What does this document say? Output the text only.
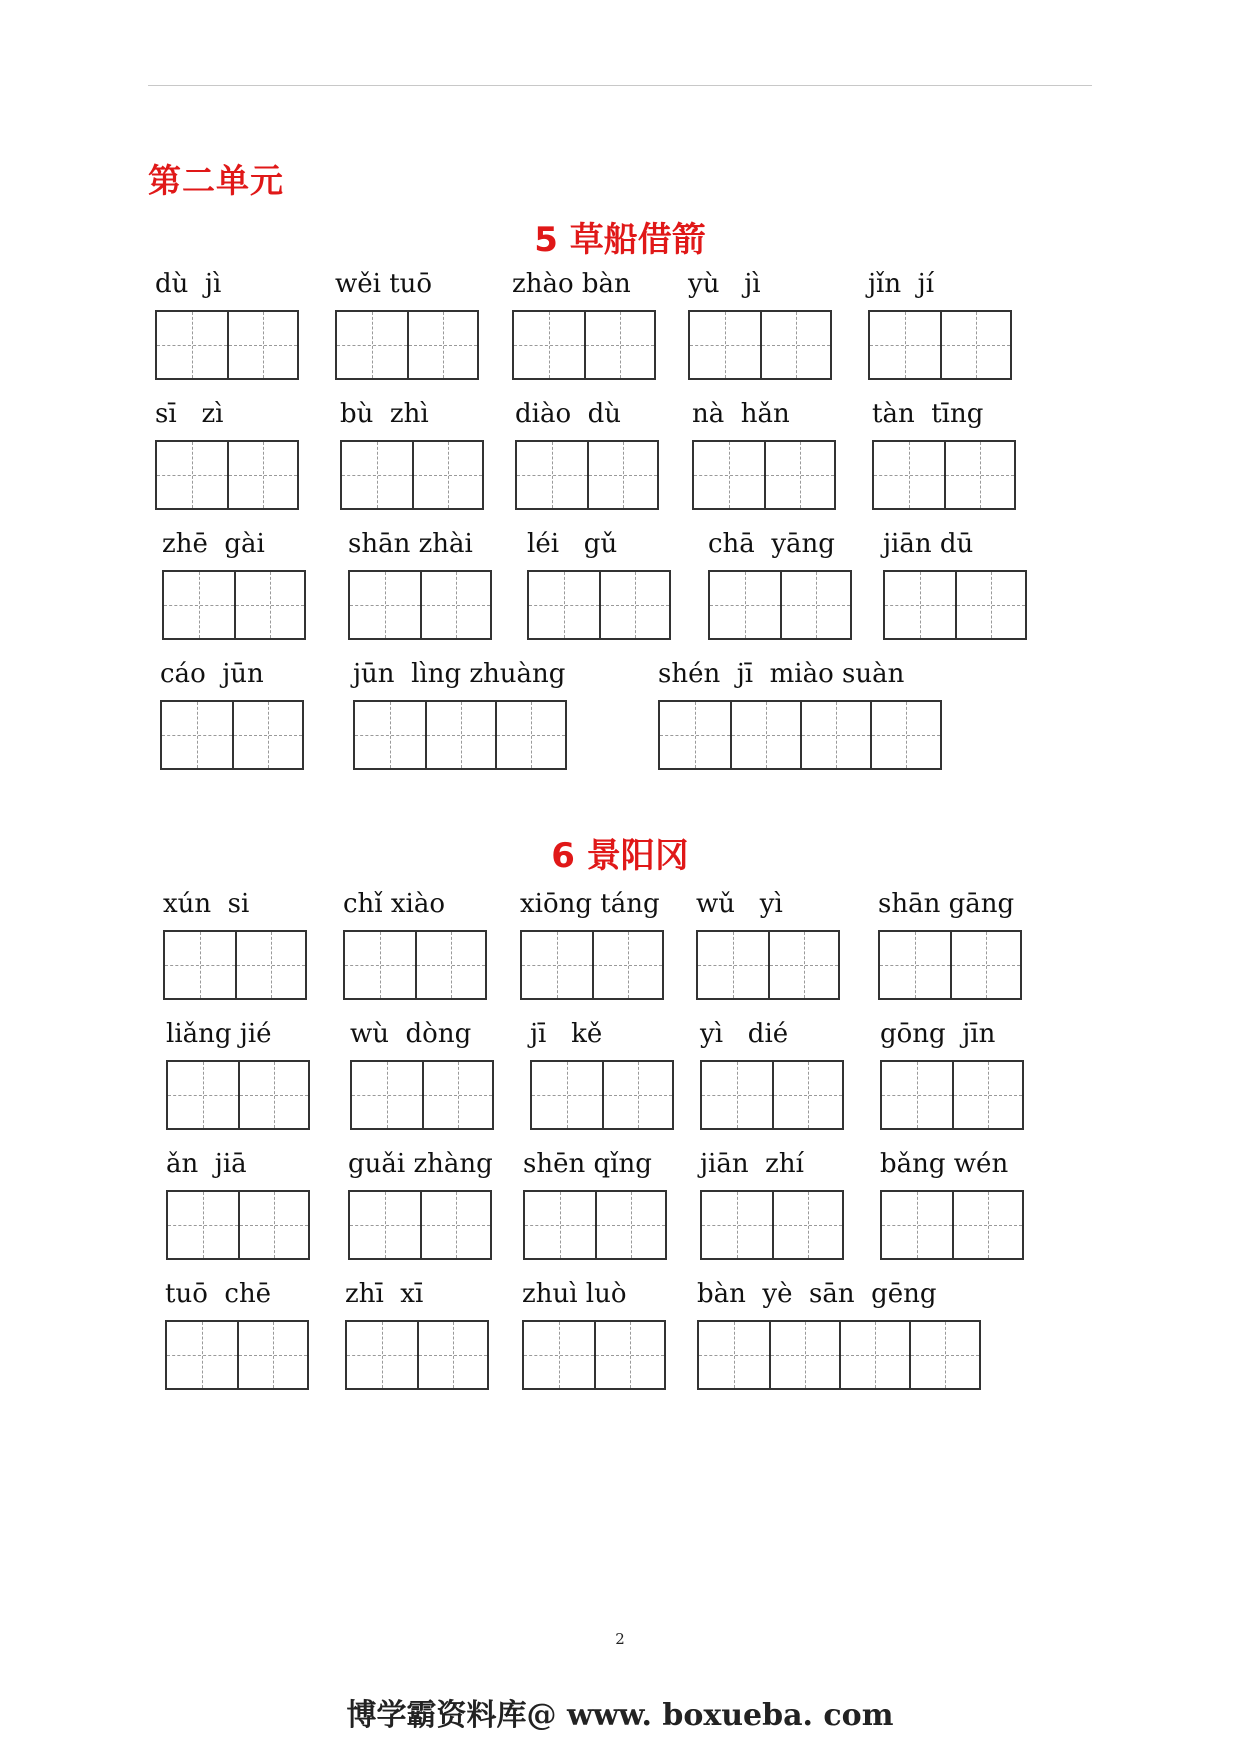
第二单元
5 草船借箭
dù  jì	wěi tuō	zhào bàn yù   jì	jǐn  jí
sī   zì	bù  zhì	diào  dù	nà  hǎn	tàn  tīng
zhē  gài	shān zhài léi   gǔ	chā  yāng jiān dū
cáo  jūn	jūn  lìng zhuàng	shén  jī  miào suàn
6 景阳冈
xún  si	chǐ xiào	xiōng táng wǔ   yì	shān gāng
liǎng jié	wù  dòng jī   kě	yì   dié	gōng  jīn
ǎn  jiā	guǎi zhàng shēn qǐng jiān  zhí	bǎng wén
tuō  chē	zhī  xī	zhuì luò	bàn  yè  sān  gēng
2
博学霸资料库@ www. boxueba. com
